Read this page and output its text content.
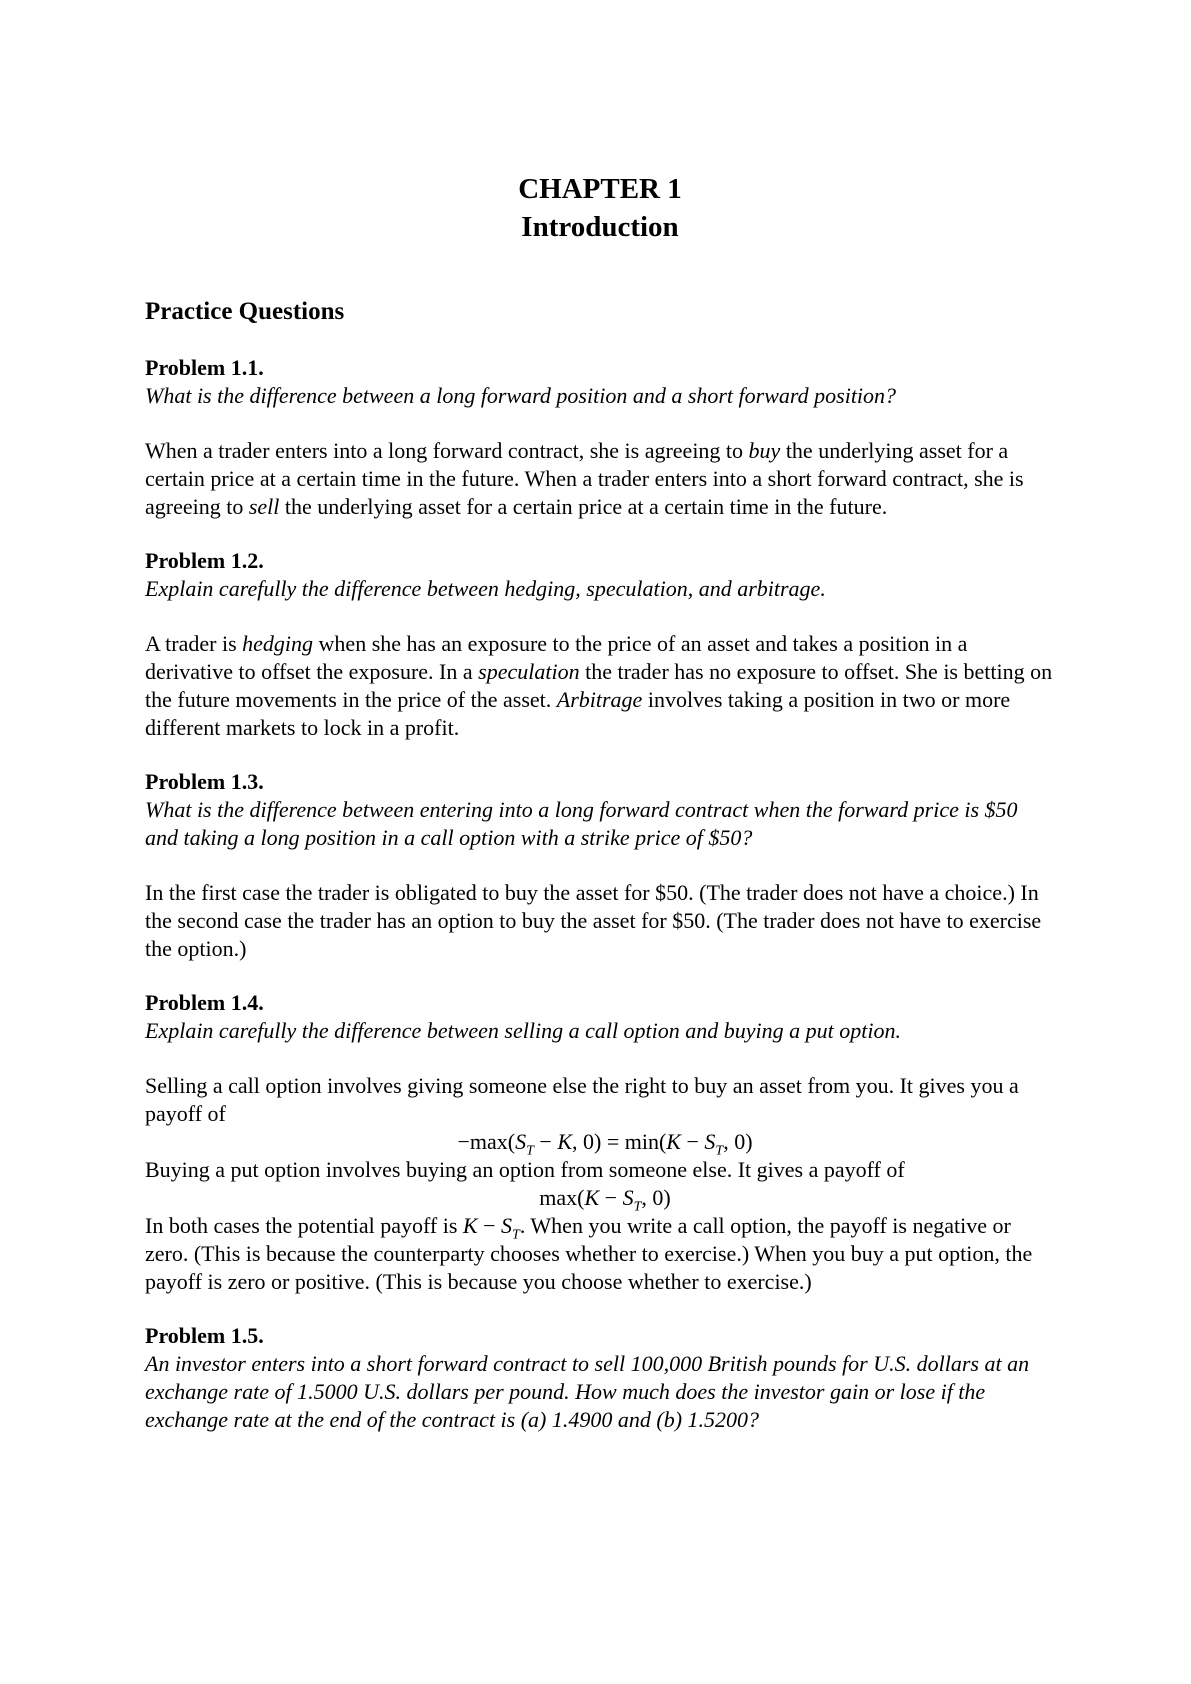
CHAPTER 1
Introduction
Practice Questions

Problem 1.1.

What is the difference between a long forward position and a short forward position?

When a trader enters into a long forward contract, she is agreeing to buy the underlying asset for a certain price at a certain time in the future. When a trader enters into a short forward contract, she is agreeing to sell the underlying asset for a certain price at a certain time in the future.

Problem 1.2.

Explain carefully the difference between hedging, speculation, and arbitrage.

A trader is hedging when she has an exposure to the price of an asset and takes a position in a derivative to offset the exposure. In a speculation the trader has no exposure to offset. She is betting on the future movements in the price of the asset. Arbitrage involves taking a position in two or more different markets to lock in a profit.

Problem 1.3.

What is the difference between entering into a long forward contract when the forward price is $50 and taking a long position in a call option with a strike price of $50?

In the first case the trader is obligated to buy the asset for $50. (The trader does not have a choice.) In the second case the trader has an option to buy the asset for $50. (The trader does not have to exercise the option.)

Problem 1.4.

Explain carefully the difference between selling a call option and buying a put option.

Selling a call option involves giving someone else the right to buy an asset from you. It gives you a payoff of

$-\max(S_T - K$, $0) = \min(K - S_T$, 0)

Buying a put option involves buying an option from someone else. It gives a payoff of

$\max(K - S_T$, 0)

In both cases the potential payoff is $K - S_T$. When you write a call option, the payoff is negative or zero. (This is because the counterparty chooses whether to exercise.) When you buy a put option, the payoff is zero or positive. (This is because you choose whether to exercise.)

Problem 1.5.

An investor enters into a short forward contract to sell 100,000 British pounds for U.S. dollars at an exchange rate of 1.5000 U.S. dollars per pound. How much does the investor gain or lose if the exchange rate at the end of the contract is (a) 1.4900 and (b) 1.5200?
